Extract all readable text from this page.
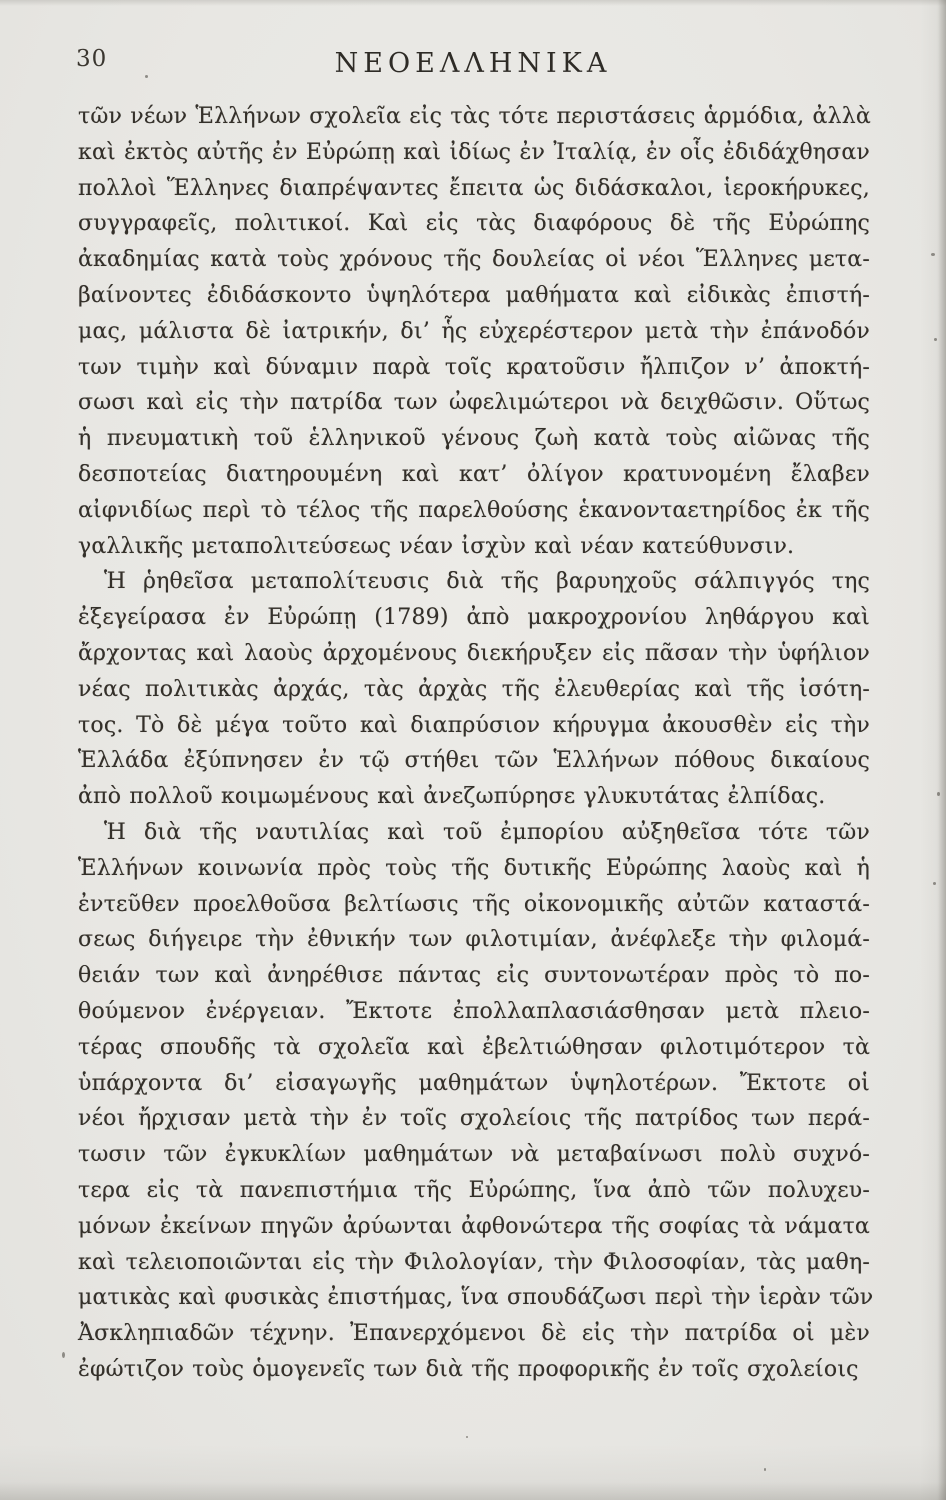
30	ΝΕΟΕΛΛΗΝΙΚΑ
τῶν νέων Ἑλλήνων σχολεῖα εἰς τὰς τότε περιστάσεις ἁρμόδια, ἀλλὰ
καὶ ἐκτὸς αὐτῆς ἐν Εὐρώπῃ καὶ ἰδίως ἐν Ἰταλίᾳ, ἐν οἷς ἐδιδάχθησαν
πολλοὶ Ἕλληνες διαπρέψαντες ἔπειτα ὡς διδάσκαλοι, ἱεροκήρυκες,
συγγραφεῖς, πολιτικοί. Καὶ εἰς τὰς διαφόρους δὲ τῆς Εὐρώπης
ἀκαδημίας κατὰ τοὺς χρόνους τῆς δουλείας οἱ νέοι Ἕλληνες μετα-
βαίνοντες ἐδιδάσκοντο ὑψηλότερα μαθήματα καὶ εἰδικὰς ἐπιστή-
μας, μάλιστα δὲ ἰατρικήν, δι’ ἧς εὐχερέστερον μετὰ τὴν ἐπάνοδόν
των τιμὴν καὶ δύναμιν παρὰ τοῖς κρατοῦσιν ἤλπιζον ν’ ἀποκτή-
σωσι καὶ εἰς τὴν πατρίδα των ὠφελιμώτεροι νὰ δειχθῶσιν. Οὕτως
ἡ πνευματικὴ τοῦ ἑλληνικοῦ γένους ζωὴ κατὰ τοὺς αἰῶνας τῆς
δεσποτείας διατηρουμένη καὶ κατ’ ὀλίγον κρατυνομένη ἔλαβεν
αἰφνιδίως περὶ τὸ τέλος τῆς παρελθούσης ἑκανονταετηρίδος ἐκ τῆς
γαλλικῆς μεταπολιτεύσεως νέαν ἰσχὺν καὶ νέαν κατεύθυνσιν.
Ἡ ῥηθεῖσα μεταπολίτευσις διὰ τῆς βαρυηχοῦς σάλπιγγός της
ἐξεγείρασα ἐν Εὐρώπῃ (1789) ἀπὸ μακροχρονίου ληθάργου καὶ
ἄρχοντας καὶ λαοὺς ἀρχομένους διεκήρυξεν εἰς πᾶσαν τὴν ὑφήλιον
νέας πολιτικὰς ἀρχάς, τὰς ἀρχὰς τῆς ἐλευθερίας καὶ τῆς ἰσότη-
τος. Τὸ δὲ μέγα τοῦτο καὶ διαπρύσιον κήρυγμα ἀκουσθὲν εἰς τὴν
Ἑλλάδα ἐξύπνησεν ἐν τῷ στήθει τῶν Ἑλλήνων πόθους δικαίους
ἀπὸ πολλοῦ κοιμωμένους καὶ ἀνεζωπύρησε γλυκυτάτας ἐλπίδας.
Ἡ διὰ τῆς ναυτιλίας καὶ τοῦ ἐμπορίου αὐξηθεῖσα τότε τῶν
Ἑλλήνων κοινωνία πρὸς τοὺς τῆς δυτικῆς Εὐρώπης λαοὺς καὶ ἡ
ἐντεῦθεν προελθοῦσα βελτίωσις τῆς οἰκονομικῆς αὐτῶν καταστά-
σεως διήγειρε τὴν ἐθνικήν των φιλοτιμίαν, ἀνέφλεξε τὴν φιλομά-
θειάν των καὶ ἀνηρέθισε πάντας εἰς συντονωτέραν πρὸς τὸ πο-
θούμενον ἐνέργειαν. Ἔκτοτε ἐπολλαπλασιάσθησαν μετὰ πλειο-
τέρας σπουδῆς τὰ σχολεῖα καὶ ἐβελτιώθησαν φιλοτιμότερον τὰ
ὑπάρχοντα δι’ εἰσαγωγῆς μαθημάτων ὑψηλοτέρων. Ἔκτοτε οἱ
νέοι ἤρχισαν μετὰ τὴν ἐν τοῖς σχολείοις τῆς πατρίδος των περά-
τωσιν τῶν ἐγκυκλίων μαθημάτων νὰ μεταβαίνωσι πολὺ συχνό-
τερα εἰς τὰ πανεπιστήμια τῆς Εὐρώπης, ἵνα ἀπὸ τῶν πολυχευ-
μόνων ἐκείνων πηγῶν ἀρύωνται ἀφθονώτερα τῆς σοφίας τὰ νάματα
καὶ τελειοποιῶνται εἰς τὴν Φιλολογίαν, τὴν Φιλοσοφίαν, τὰς μαθη-
ματικὰς καὶ φυσικὰς ἐπιστήμας, ἵνα σπουδάζωσι περὶ τὴν ἱερὰν τῶν
Ἀσκληπιαδῶν τέχνην. Ἐπανερχόμενοι δὲ εἰς τὴν πατρίδα οἱ μὲν
ἐφώτιζον τοὺς ὁμογενεῖς των διὰ τῆς προφορικῆς ἐν τοῖς σχολείοις
